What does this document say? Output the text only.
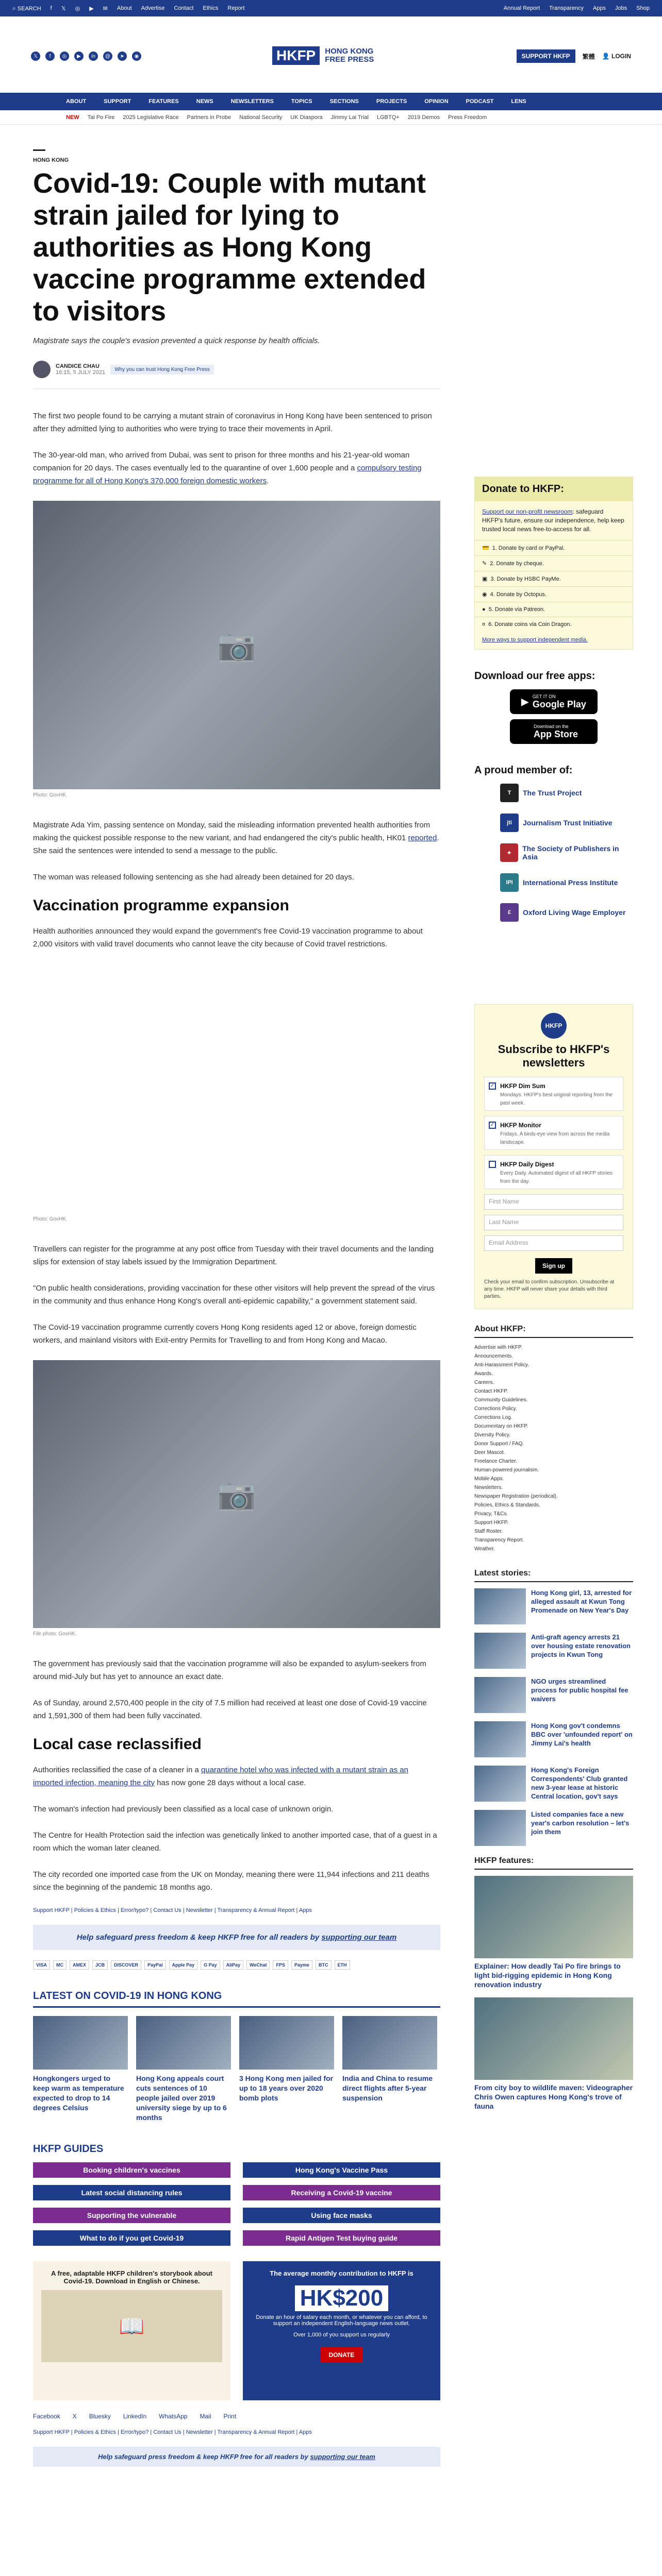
⌕ SEARCH f 𝕏 ◎ ▶ ✉ About Advertise Contact Ethics Report	Annual Report Transparency Apps Jobs Shop
𝕏	f	◎	▶	in	@	➤	◉	HKFP	HONG KONG
FREE PRESS	SUPPORT HKFP	繁體 👤 LOGIN
ABOUT	SUPPORT	FEATURES	NEWS	NEWSLETTERS	TOPICS	SECTIONS	PROJECTS	OPINION	PODCAST	LENS
NEW Tai Po Fire 2025 Legislative Race Partners in Probe National Security UK Diaspora Jimmy Lai Trial LGBTQ+ 2019 Demos Press Freedom
HONG KONG
Covid-19: Couple with mutant strain jailed for lying to authorities as Hong Kong vaccine programme extended to visitors
Magistrate says the couple's evasion prevented a quick response by health officials.
CANDICE CHAU
16:15, 5 JULY 2021	Why you can trust Hong Kong Free Press

The first two people found to be carrying a mutant strain of coronavirus in Hong Kong have been sentenced to prison after they admitted lying to authorities who were trying to trace their movements in April.

The 30-year-old man, who arrived from Dubai, was sent to prison for three months and his 21-year-old woman companion for 20 days. The cases eventually led to the quarantine of over 1,600 people and a compulsory testing programme for all of Hong Kong's 370,000 foreign domestic workers.

📷
Photo: GovHK.

Magistrate Ada Yim, passing sentence on Monday, said the misleading information prevented health authorities from making the quickest possible response to the new variant, and had endangered the city's public health, HK01 reported. She said the sentences were intended to send a message to the public.

The woman was released following sentencing as she had already been detained for 20 days.

Vaccination programme expansion

Health authorities announced they would expand the government's free Covid-19 vaccination programme to about 2,000 visitors with valid travel documents who cannot leave the city because of Covid travel restrictions.

Photo: GovHK.

Travellers can register for the programme at any post office from Tuesday with their travel documents and the landing slips for extension of stay labels issued by the Immigration Department.

"On public health considerations, providing vaccination for these other visitors will help prevent the spread of the virus in the community and thus enhance Hong Kong's overall anti-epidemic capability," a government statement said.

The Covid-19 vaccination programme currently covers Hong Kong residents aged 12 or above, foreign domestic workers, and mainland visitors with Exit-entry Permits for Travelling to and from Hong Kong and Macao.

📷
File photo: GovHK.

The government has previously said that the vaccination programme will also be expanded to asylum-seekers from around mid-July but has yet to announce an exact date.

As of Sunday, around 2,570,400 people in the city of 7.5 million had received at least one dose of Covid-19 vaccine and 1,591,300 of them had been fully vaccinated.

Local case reclassified

Authorities reclassified the case of a cleaner in a quarantine hotel who was infected with a mutant strain as an imported infection, meaning the city has now gone 28 days without a local case.

The woman's infection had previously been classified as a local case of unknown origin.

The Centre for Health Protection said the infection was genetically linked to another imported case, that of a guest in a room which the woman later cleaned.

The city recorded one imported case from the UK on Monday, meaning there were 11,944 infections and 211 deaths since the beginning of the pandemic 18 months ago.

Support HKFP | Policies & Ethics | Error/typo? | Contact Us | Newsletter | Transparency & Annual Report | Apps
Help safeguard press freedom & keep HKFP free for all readers by supporting our team
VISA	MC	AMEX	JCB	DISCOVER	PayPal	Apple Pay	G Pay	AliPay	WeChat	FPS	Payme	BTC	ETH
LATEST ON COVID-19 IN HONG KONG
Hongkongers urged to keep warm as temperature expected to drop to 14 degrees Celsius
Hong Kong appeals court cuts sentences of 10 people jailed over 2019 university siege by up to 6 months
3 Hong Kong men jailed for up to 18 years over 2020 bomb plots
India and China to resume direct flights after 5-year suspension
HKFP GUIDES
Booking children's vaccines	Hong Kong's Vaccine Pass
Latest social distancing rules	Receiving a Covid-19 vaccine
Supporting the vulnerable	Using face masks
What to do if you get Covid-19	Rapid Antigen Test buying guide
A free, adaptable HKFP children's storybook about Covid-19. Download in English or Chinese.
📖
The average monthly contribution to HKFP is
HK$200
Donate an hour of salary each month, or whatever you can afford, to support an independent English-language news outlet.
Over 1,000 of you support us regularly
DONATE
Facebook X Bluesky LinkedIn WhatsApp Mail Print
Support HKFP | Policies & Ethics | Error/typo? | Contact Us | Newsletter | Transparency & Annual Report | Apps
Help safeguard press freedom & keep HKFP free for all readers by supporting our team
Donate to HKFP:
Support our non-profit newsroom: safeguard HKFP's future, ensure our independence, help keep trusted local news free-to-access for all.
💳 1. Donate by card or PayPal.
✎ 2. Donate by cheque.
▣ 3. Donate by HSBC PayMe.
◉ 4. Donate by Octopus.
● 5. Donate via Patreon.
¤ 6. Donate coins via Coin Dragon.
More ways to support independent media.
Download our free apps:
▶ GET IT ON
Google Play
Download on the
App Store
A proud member of:
T	The Trust Project
jti	Journalism Trust Initiative
✦
The Society of Publishers in Asia
IPI	International Press Institute
£	Oxford Living Wage Employer
HKFP
Subscribe to HKFP's newsletters
✓ HKFP Dim Sum
Mondays. HKFP's best original reporting from the past week.
✓ HKFP Monitor
Fridays. A birds-eye view from across the media landscape.
HKFP Daily Digest
Every Daily. Automated digest of all HKFP stories from the day.
First Name
Last Name
Email Address
Sign up
Check your email to confirm subscription. Unsubscribe at any time. HKFP will never share your details with third parties.
About HKFP:
Advertise with HKFP.
Announcements.
Anti-Harassment Policy.
Awards.
Careers.
Contact HKFP.
Community Guidelines.
Corrections Policy.
Corrections Log.
Documentary on HKFP.
Diversity Policy.
Donor Support / FAQ.
Deer Mascot.
Freelance Charter.
Human-powered journalism.
Mobile Apps.
Newsletters.
Newspaper Registration (periodical).
Policies, Ethics & Standards.
Privacy, T&Cs.
Support HKFP.
Staff Roster.
Transparency Report.
Weather.
Latest stories:
Hong Kong girl, 13, arrested for alleged assault at Kwun Tong Promenade on New Year's Day
Anti-graft agency arrests 21 over housing estate renovation projects in Kwun Tong
NGO urges streamlined process for public hospital fee waivers
Hong Kong gov't condemns BBC over 'unfounded report' on Jimmy Lai's health
Hong Kong's Foreign Correspondents' Club granted new 3-year lease at historic Central location, gov't says
Listed companies face a new year's carbon resolution – let's join them
HKFP features:
Explainer: How deadly Tai Po fire brings to light bid-rigging epidemic in Hong Kong renovation industry
From city boy to wildlife maven: Videographer Chris Owen captures Hong Kong's trove of fauna
